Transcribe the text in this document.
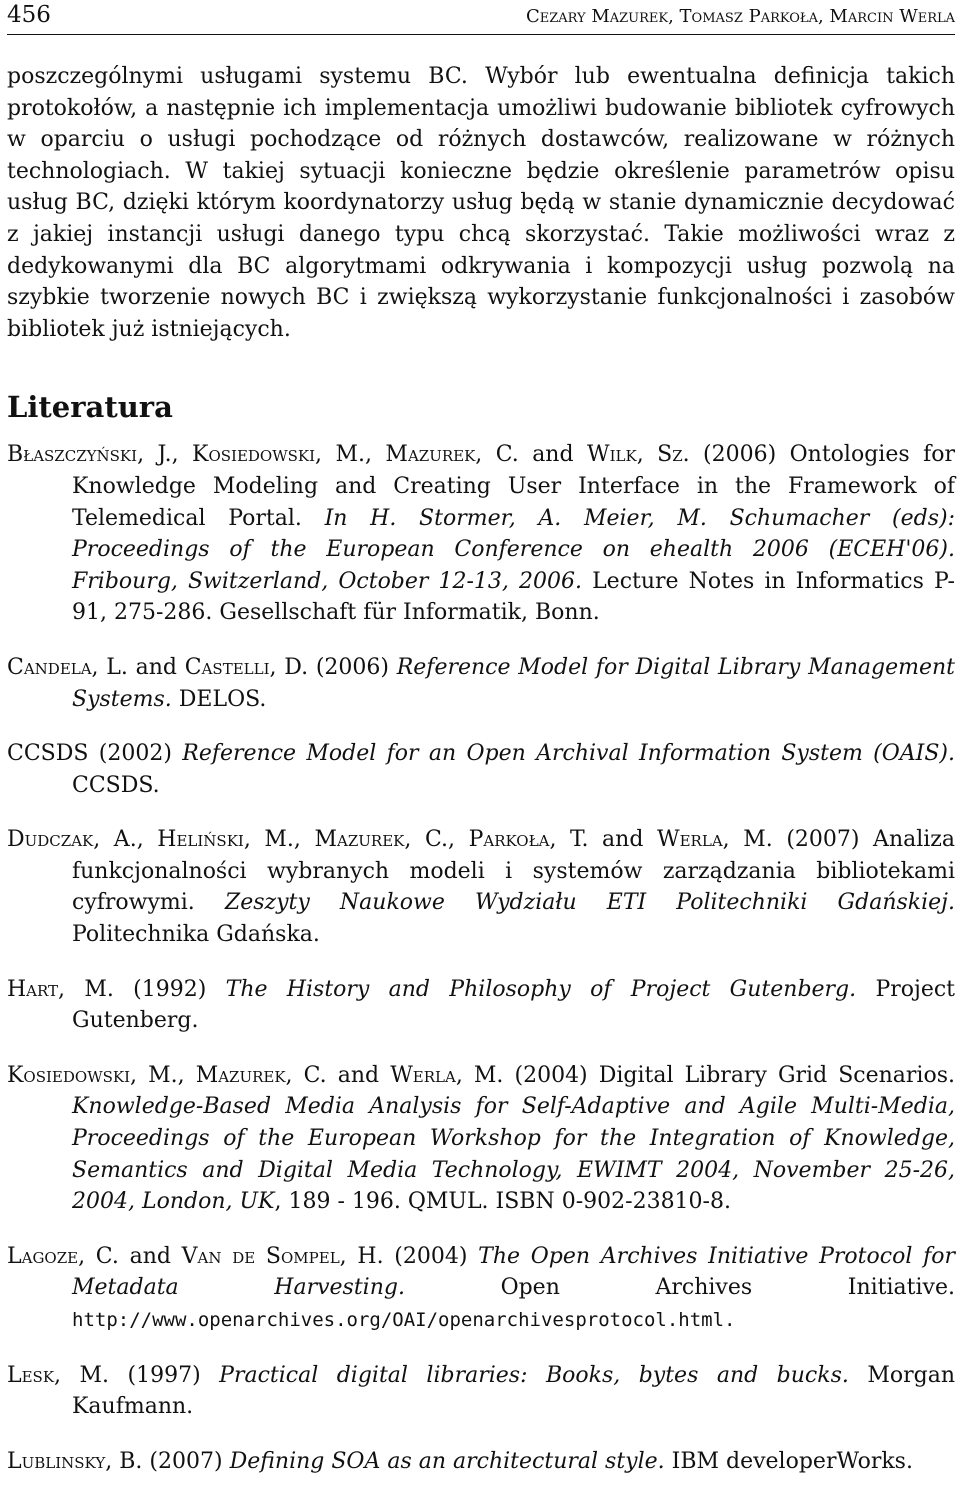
456	Cezary Mazurek, Tomasz Parkoła, Marcin Werla
poszczególnymi usługami systemu BC. Wybór lub ewentualna definicja takich protokołów, a następnie ich implementacja umożliwi budowanie bibliotek cyfrowych w oparciu o usługi pochodzące od różnych dostawców, realizowane w różnych technologiach. W takiej sytuacji konieczne będzie określenie parametrów opisu usług BC, dzięki którym koordynatorzy usług będą w stanie dynamicznie decydować z jakiej instancji usługi danego typu chcą skorzystać. Takie możliwości wraz z dedykowanymi dla BC algorytmami odkrywania i kompozycji usług pozwolą na szybkie tworzenie nowych BC i zwiększą wykorzystanie funkcjonalności i zasobów bibliotek już istniejących.
Literatura
Błaszczyński, J., Kosiedowski, M., Mazurek, C. and Wilk, Sz. (2006) Ontologies for Knowledge Modeling and Creating User Interface in the Framework of Telemedical Portal. In H. Stormer, A. Meier, M. Schumacher (eds): Proceedings of the European Conference on ehealth 2006 (ECEH'06). Fribourg, Switzerland, October 12-13, 2006. Lecture Notes in Informatics P-91, 275-286. Gesellschaft für Informatik, Bonn.
Candela, L. and Castelli, D. (2006) Reference Model for Digital Library Management Systems. DELOS.
CCSDS (2002) Reference Model for an Open Archival Information System (OAIS). CCSDS.
Dudczak, A., Heliński, M., Mazurek, C., Parkoła, T. and Werla, M. (2007) Analiza funkcjonalności wybranych modeli i systemów zarządzania bibliotekami cyfrowymi. Zeszyty Naukowe Wydziału ETI Politechniki Gdańskiej. Politechnika Gdańska.
Hart, M. (1992) The History and Philosophy of Project Gutenberg. Project Gutenberg.
Kosiedowski, M., Mazurek, C. and Werla, M. (2004) Digital Library Grid Scenarios. Knowledge-Based Media Analysis for Self-Adaptive and Agile Multi-Media, Proceedings of the European Workshop for the Integration of Knowledge, Semantics and Digital Media Technology, EWIMT 2004, November 25-26, 2004, London, UK, 189 - 196. QMUL. ISBN 0-902-23810-8.
Lagoze, C. and Van de Sompel, H. (2004) The Open Archives Initiative Protocol for Metadata Harvesting. Open Archives Initiative. http://www.openarchives.org/OAI/openarchivesprotocol.html.
Lesk, M. (1997) Practical digital libraries: Books, bytes and bucks. Morgan Kaufmann.
Lublinsky, B. (2007) Defining SOA as an architectural style. IBM developerWorks.
